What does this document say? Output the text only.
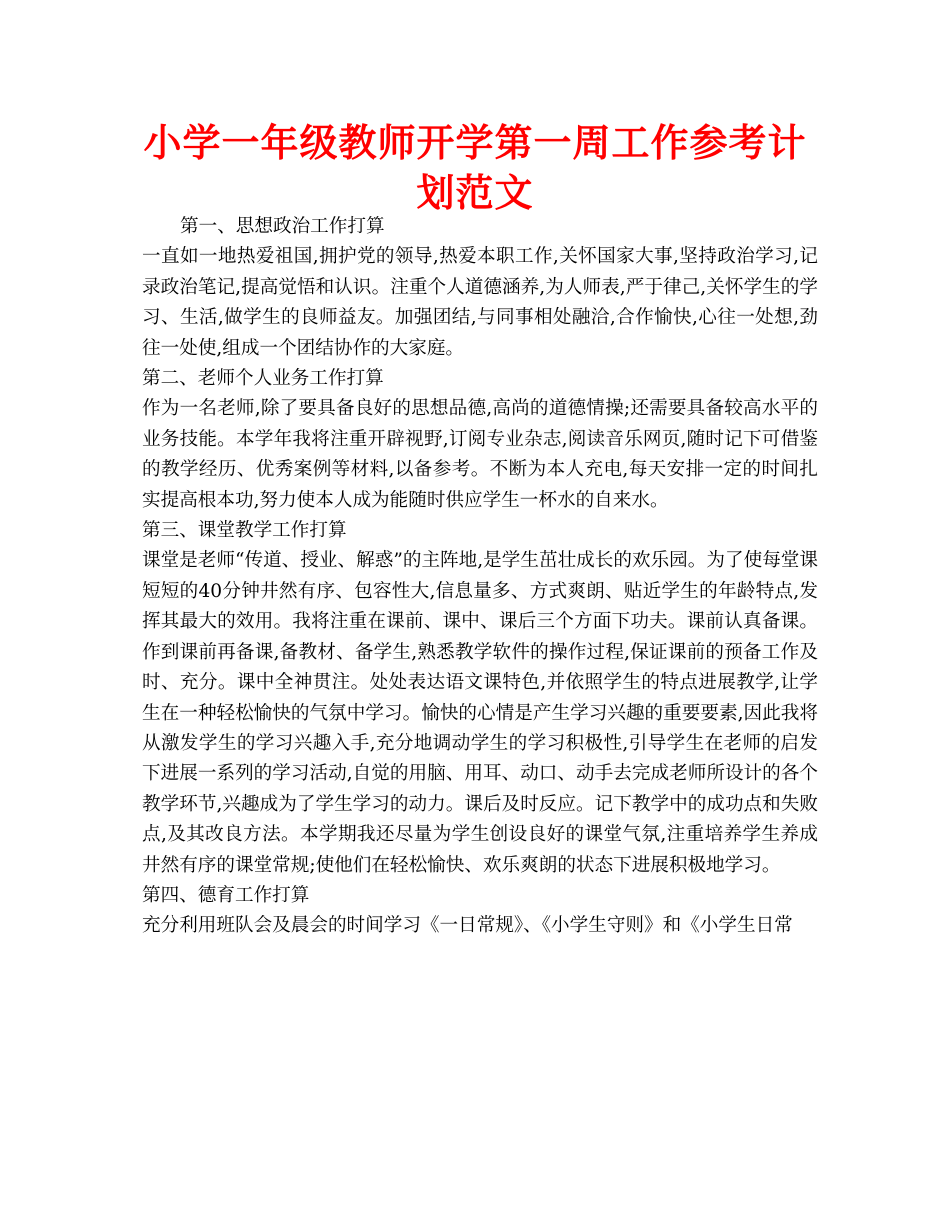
小学一年级教师开学第一周工作参考计划范文

第一、思想政治工作打算

一直如一地热爱祖国,拥护党的领导,热爱本职工作,关怀国家大事,坚持政治学习,记录政治笔记,提高觉悟和认识。注重个人道德涵养,为人师表,严于律己,关怀学生的学习、生活,做学生的良师益友。加强团结,与同事相处融洽,合作愉快,心往一处想,劲往一处使,组成一个团结协作的大家庭。

第二、老师个人业务工作打算

作为一名老师,除了要具备良好的思想品德,高尚的道德情操;还需要具备较高水平的业务技能。本学年我将注重开辟视野,订阅专业杂志,阅读音乐网页,随时记下可借鉴的教学经历、优秀案例等材料,以备参考。不断为本人充电,每天安排一定的时间扎实提高根本功,努力使本人成为能随时供应学生一杯水的自来水。

第三、课堂教学工作打算

课堂是老师“传道、授业、解惑”的主阵地,是学生茁壮成长的欢乐园。为了使每堂课短短的40分钟井然有序、包容性大,信息量多、方式爽朗、贴近学生的年龄特点,发挥其最大的效用。我将注重在课前、课中、课后三个方面下功夫。课前认真备课。作到课前再备课,备教材、备学生,熟悉教学软件的操作过程,保证课前的预备工作及时、充分。课中全神贯注。处处表达语文课特色,并依照学生的特点进展教学,让学生在一种轻松愉快的气氛中学习。愉快的心情是产生学习兴趣的重要要素,因此我将从激发学生的学习兴趣入手,充分地调动学生的学习积极性,引导学生在老师的启发下进展一系列的学习活动,自觉的用脑、用耳、动口、动手去完成老师所设计的各个教学环节,兴趣成为了学生学习的动力。课后及时反应。记下教学中的成功点和失败点,及其改良方法。本学期我还尽量为学生创设良好的课堂气氛,注重培养学生养成井然有序的课堂常规;使他们在轻松愉快、欢乐爽朗的状态下进展积极地学习。

第四、德育工作打算

充分利用班队会及晨会的时间学习《一日常规》、《小学生守则》和《小学生日常
